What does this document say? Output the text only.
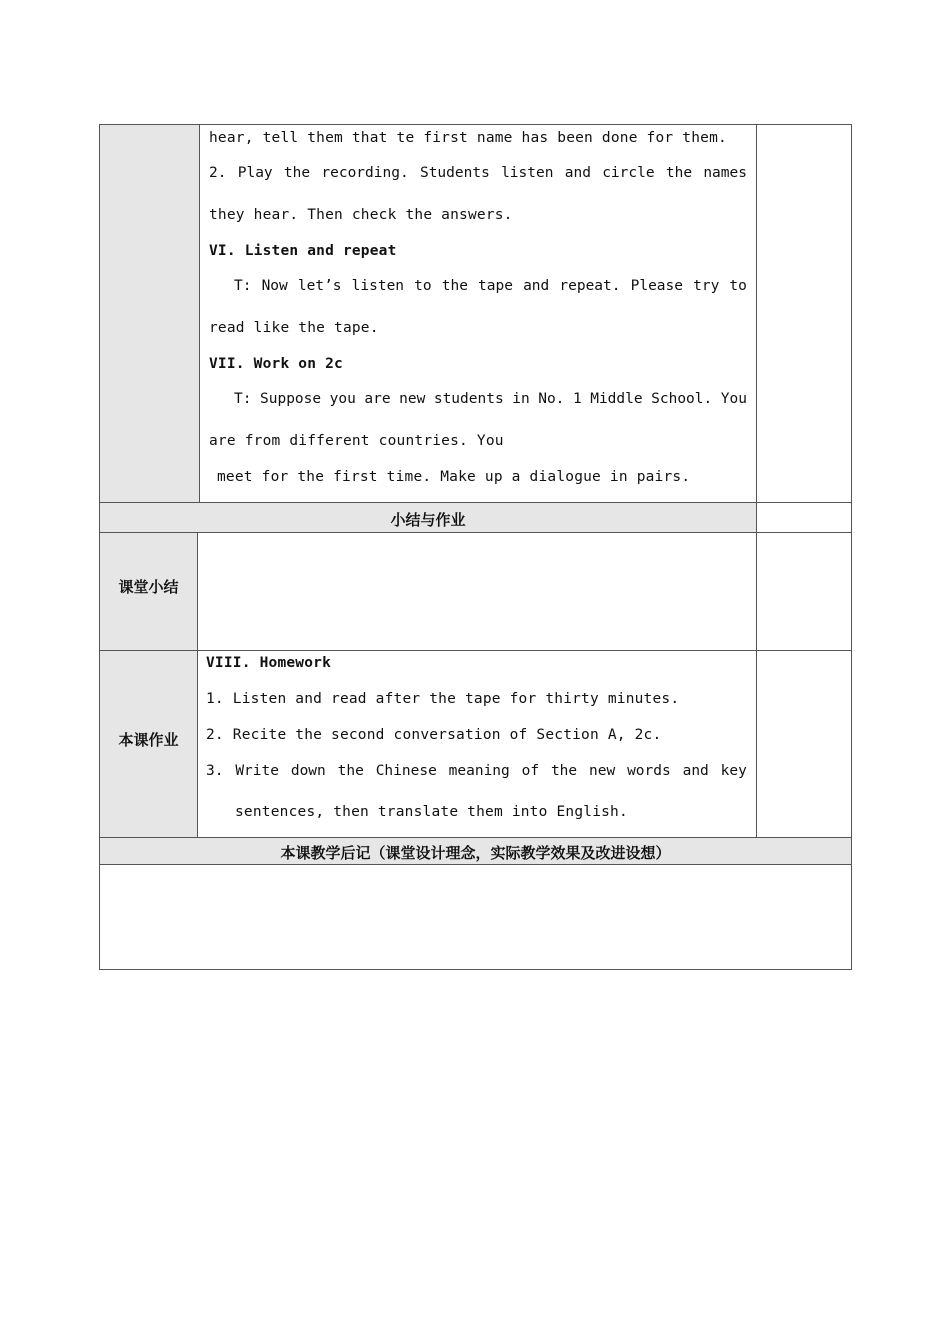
hear, tell them that te first name has been done for them.
2. Play the recording. Students listen and circle the names
they hear. Then check the answers.
VI. Listen and repeat
T: Now let’s listen to the tape and repeat. Please try to
read like the tape.
VII. Work on 2c
T: Suppose you are new students in No. 1 Middle School. You
are from different countries. You
meet for the first time. Make up a dialogue in pairs.
小结与作业
课堂小结
本课作业
VIII. Homework
1. Listen and read after the tape for thirty minutes.
2. Recite the second conversation of Section A, 2c.
3. Write down the Chinese meaning of the new words and key
sentences, then translate them into English.
本课教学后记（课堂设计理念，实际教学效果及改进设想）
